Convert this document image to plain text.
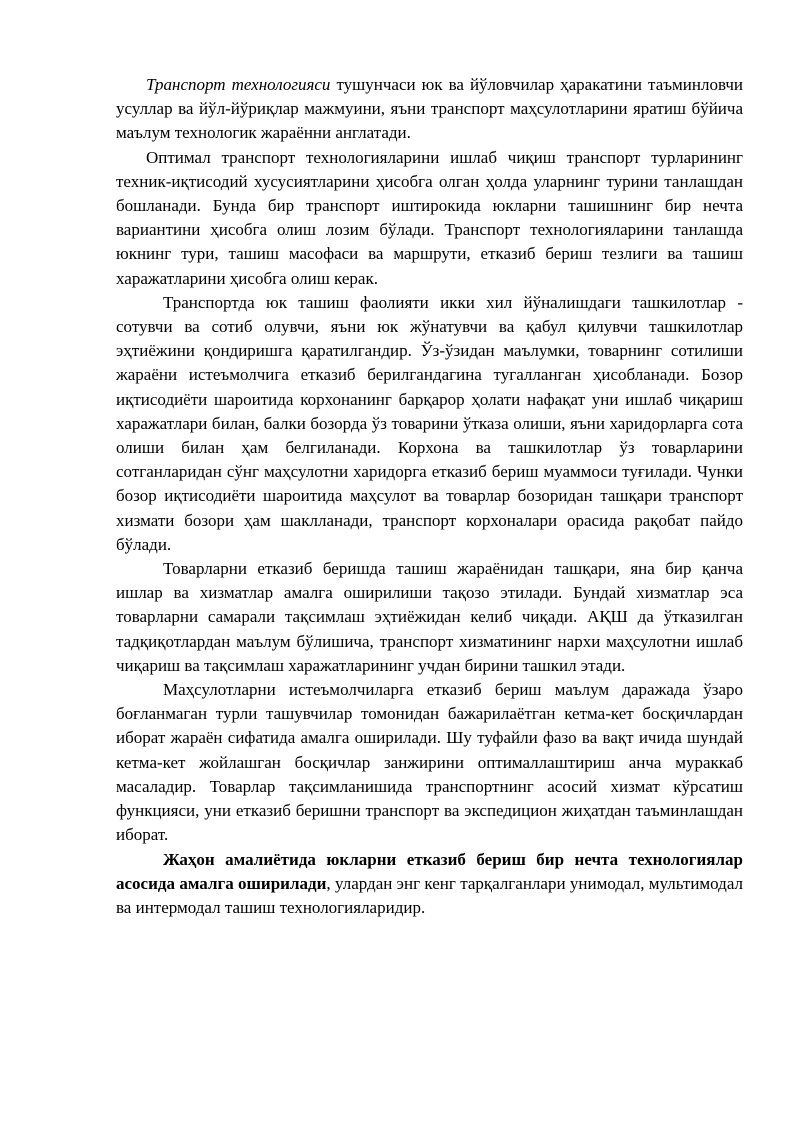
Транспорт технологияси тушунчаси юк ва йўловчилар ҳаракатини таъминловчи усуллар ва йўл-йўриқлар мажмуини, яъни транспорт маҳсулотларини яратиш бўйича маълум технологик жараённи англатади.

Оптимал транспорт технологияларини ишлаб чиқиш транспорт турларининг техник-иқтисодий хусусиятларини ҳисобга олган ҳолда уларнинг турини танлашдан бошланади. Бунда бир транспорт иштирокида юкларни ташишнинг бир нечта вариантини ҳисобга олиш лозим бўлади. Транспорт технологияларини танлашда юкнинг тури, ташиш масофаси ва маршрути, етказиб бериш тезлиги ва ташиш харажатларини ҳисобга олиш керак.

Транспортда юк ташиш фаолияти икки хил йўналишдаги ташкилотлар - сотувчи ва сотиб олувчи, яъни юк жўнатувчи ва қабул қилувчи ташкилотлар эҳтиёжини қондиришга қаратилгандир. Ўз-ўзидан маълумки, товарнинг сотилиши жараёни истеъмолчига етказиб берилгандагина тугалланган ҳисобланади. Бозор иқтисодиёти шароитида корхонанинг барқарор ҳолати нафақат уни ишлаб чиқариш харажатлари билан, балки бозорда ўз товарини ўтказа олиши, яъни харидорларга сота олиши билан ҳам белгиланади. Корхона ва ташкилотлар ўз товарларини сотганларидан сўнг маҳсулотни харидорга етказиб бериш муаммоси туғилади. Чунки бозор иқтисодиёти шароитида маҳсулот ва товарлар бозоридан ташқари транспорт хизмати бозори ҳам шаклланади, транспорт корхоналари орасида рақобат пайдо бўлади.

Товарларни етказиб беришда ташиш жараёнидан ташқари, яна бир қанча ишлар ва хизматлар амалга оширилиши тақозо этилади. Бундай хизматлар эса товарларни самарали тақсимлаш эҳтиёжидан келиб чиқади. АҚШ да ўтказилган тадқиқотлардан маълум бўлишича, транспорт хизматининг нархи маҳсулотни ишлаб чиқариш ва тақсимлаш харажатларининг учдан бирини ташкил этади.

Маҳсулотларни истеъмолчиларга етказиб бериш маълум даражада ўзаро боғланмаган турли ташувчилар томонидан бажарилаётган кетма-кет босқичлардан иборат жараён сифатида амалга оширилади. Шу туфайли фазо ва вақт ичида шундай кетма-кет жойлашган босқичлар занжирини оптималлаштириш анча мураккаб масаладир. Товарлар тақсимланишида транспортнинг асосий хизмат кўрсатиш функцияси, уни етказиб беришни транспорт ва экспедицион жиҳатдан таъминлашдан иборат.

Жаҳон амалиётида юкларни етказиб бериш бир нечта технологиялар асосида амалга оширилади, улардан энг кенг тарқалганлари унимодал, мультимодал ва интермодал ташиш технологияларидир.
